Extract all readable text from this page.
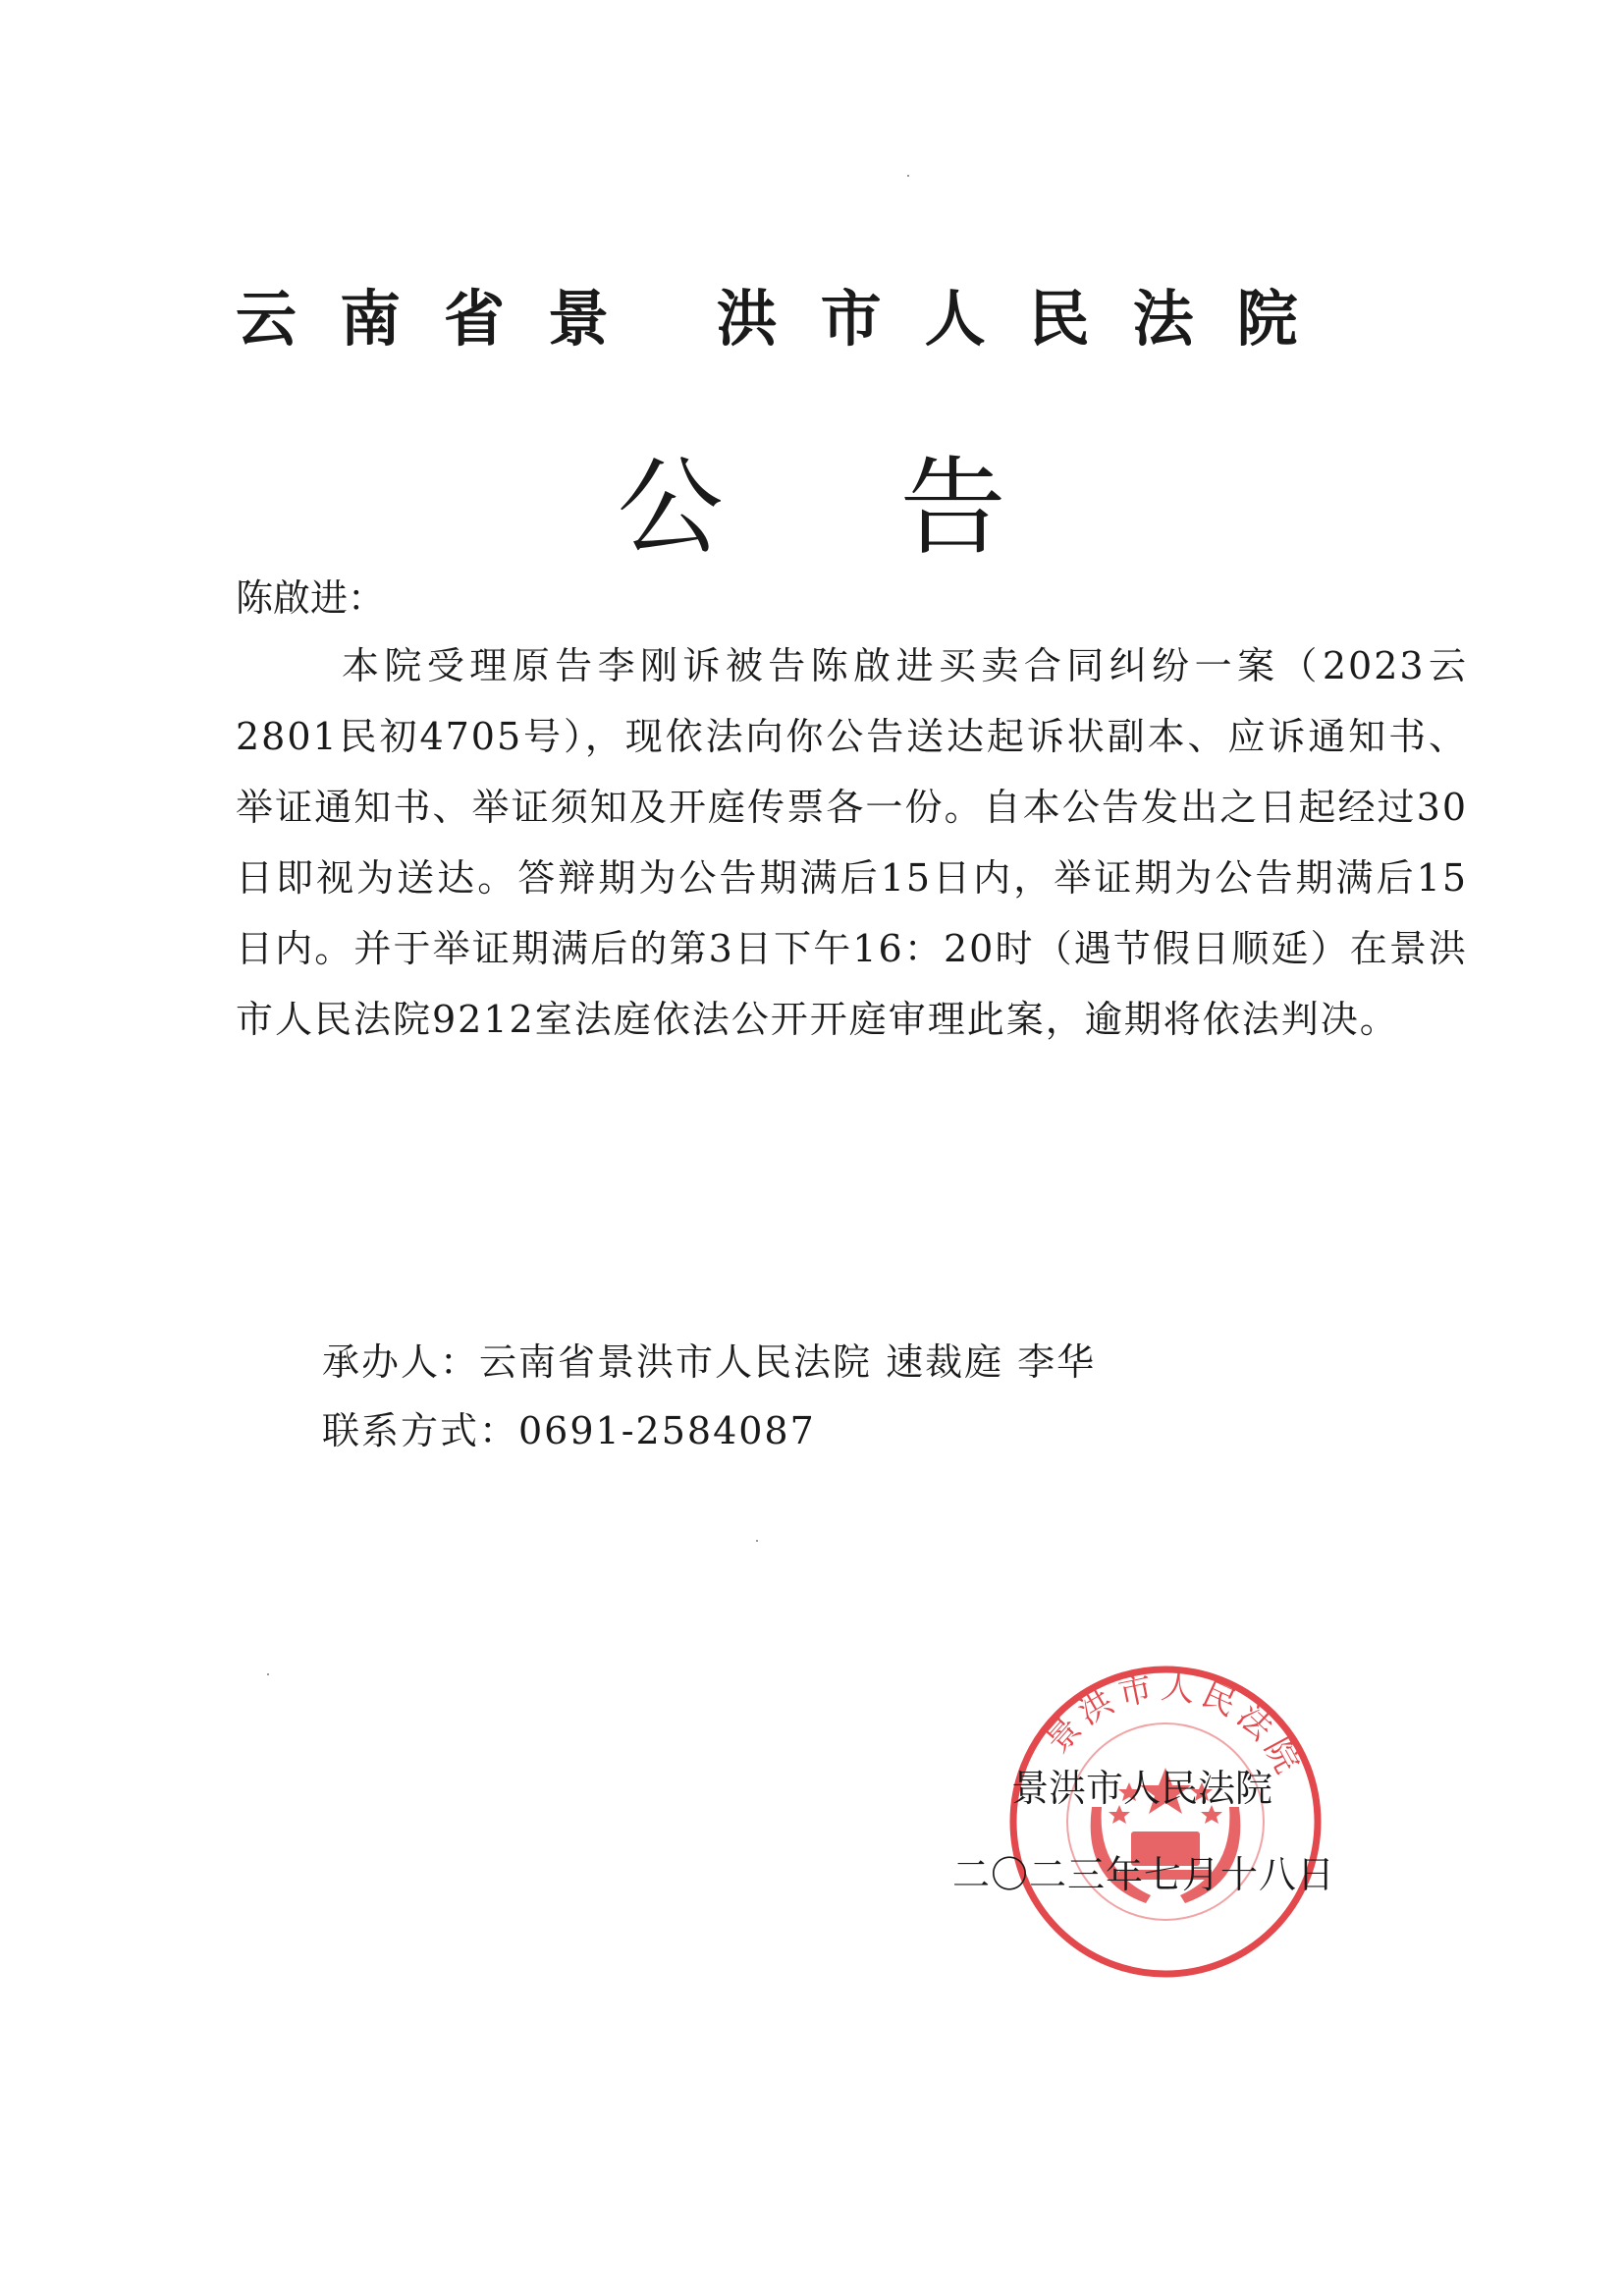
云南省景 洪市人民法院
公告
陈啟进：
本院受理原告李刚诉被告陈啟进买卖合同纠纷一案（2023云2801民初4705号），现依法向你公告送达起诉状副本、应诉通知书、举证通知书、举证须知及开庭传票各一份。自本公告发出之日起经过30日即视为送达。答辩期为公告期满后15日内，举证期为公告期满后15日内。并于举证期满后的第3日下午16：20时（遇节假日顺延）在景洪市人民法院9212室法庭依法公开开庭审理此案，逾期将依法判决。
承办人：云南省景洪市人民法院 速裁庭 李华
联系方式：0691-2584087
景洪市人民法院
景洪市人民法院
二〇二三年七月十八日
